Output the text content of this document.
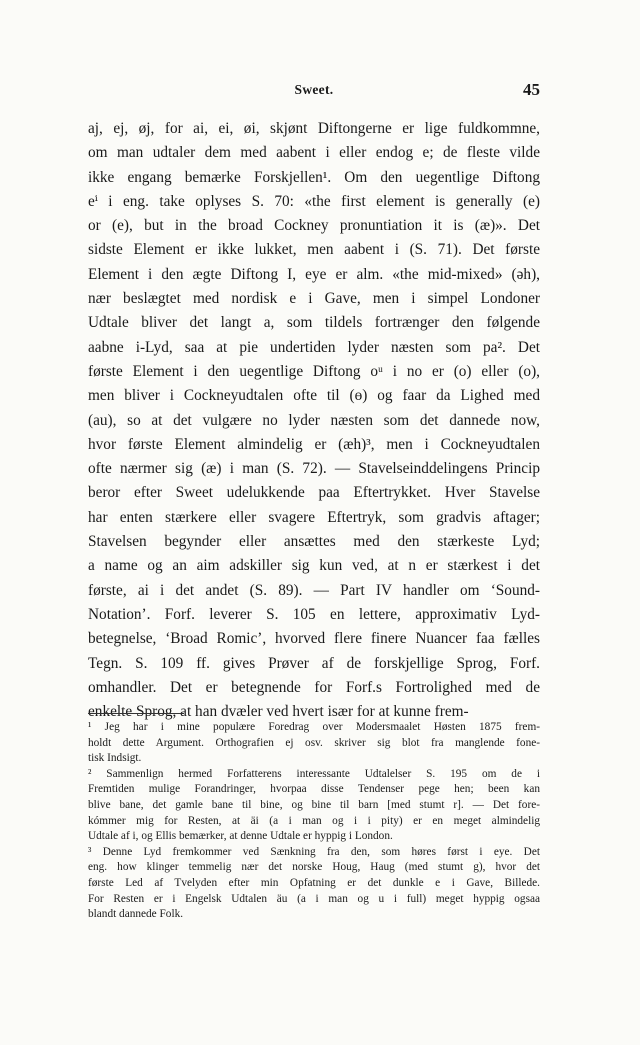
Sweet.	45
aj, ej, øj, for ai, ei, øi, skjønt Diftongerne er lige fuldkommne,
om man udtaler dem med aabent i eller endog e; de fleste vilde
ikke engang bemærke Forskjellen¹. Om den uegentlige Diftong
eⁱ i eng. take oplyses S. 70: «the first element is generally (e)
or (e), but in the broad Cockney pronuntiation it is (æ)». Det
sidste Element er ikke lukket, men aabent i (S. 71). Det første
Element i den ægte Diftong I, eye er alm. «the mid-mixed» (əh),
nær beslægtet med nordisk e i Gave, men i simpel Londoner
Udtale bliver det langt a, som tildels fortrænger den følgende
aabne i-Lyd, saa at pie undertiden lyder næsten som pa². Det
første Element i den uegentlige Diftong oᵘ i no er (o) eller (o),
men bliver i Cockneyudtalen ofte til (ɵ) og faar da Lighed med
(au), so at det vulgære no lyder næsten som det dannede now,
hvor første Element almindelig er (æh)³, men i Cockneyudtalen
ofte nærmer sig (æ) i man (S. 72). — Stavelseinddelingens Princip
beror efter Sweet udelukkende paa Eftertrykket. Hver Stavelse
har enten stærkere eller svagere Eftertryk, som gradvis aftager;
Stavelsen begynder eller ansættes med den stærkeste Lyd;
a name og an aim adskiller sig kun ved, at n er stærkest i det
første, ai i det andet (S. 89). — Part IV handler om ‘Sound-
Notation’. Forf. leverer S. 105 en lettere, approximativ Lyd-
betegnelse, ‘Broad Romic’, hvorved flere finere Nuancer faa fælles
Tegn. S. 109 ff. gives Prøver af de forskjellige Sprog, Forf.
omhandler. Det er betegnende for Forf.s Fortrolighed med de
enkelte Sprog, at han dvæler ved hvert især for at kunne frem-
¹ Jeg har i mine populære Foredrag over Modersmaalet Høsten 1875 frem-
holdt dette Argument. Orthografien ej osv. skriver sig blot fra manglende fone-
tisk Indsigt.
² Sammenlign hermed Forfatterens interessante Udtalelser S. 195 om de i
Fremtiden mulige Forandringer, hvorpaa disse Tendenser pege hen; been kan
blive bane, det gamle bane til bine, og bine til barn [med stumt r]. — Det fore-
kómmer mig for Resten, at äi (a i man og i i pity) er en meget almindelig
Udtale af i, og Ellis bemærker, at denne Udtale er hyppig i London.
³ Denne Lyd fremkommer ved Sænkning fra den, som høres først i eye. Det
eng. how klinger temmelig nær det norske Houg, Haug (med stumt g), hvor det
første Led af Tvelyden efter min Opfatning er det dunkle e i Gave, Billede.
For Resten er i Engelsk Udtalen äu (a i man og u i full) meget hyppig ogsaa
blandt dannede Folk.
